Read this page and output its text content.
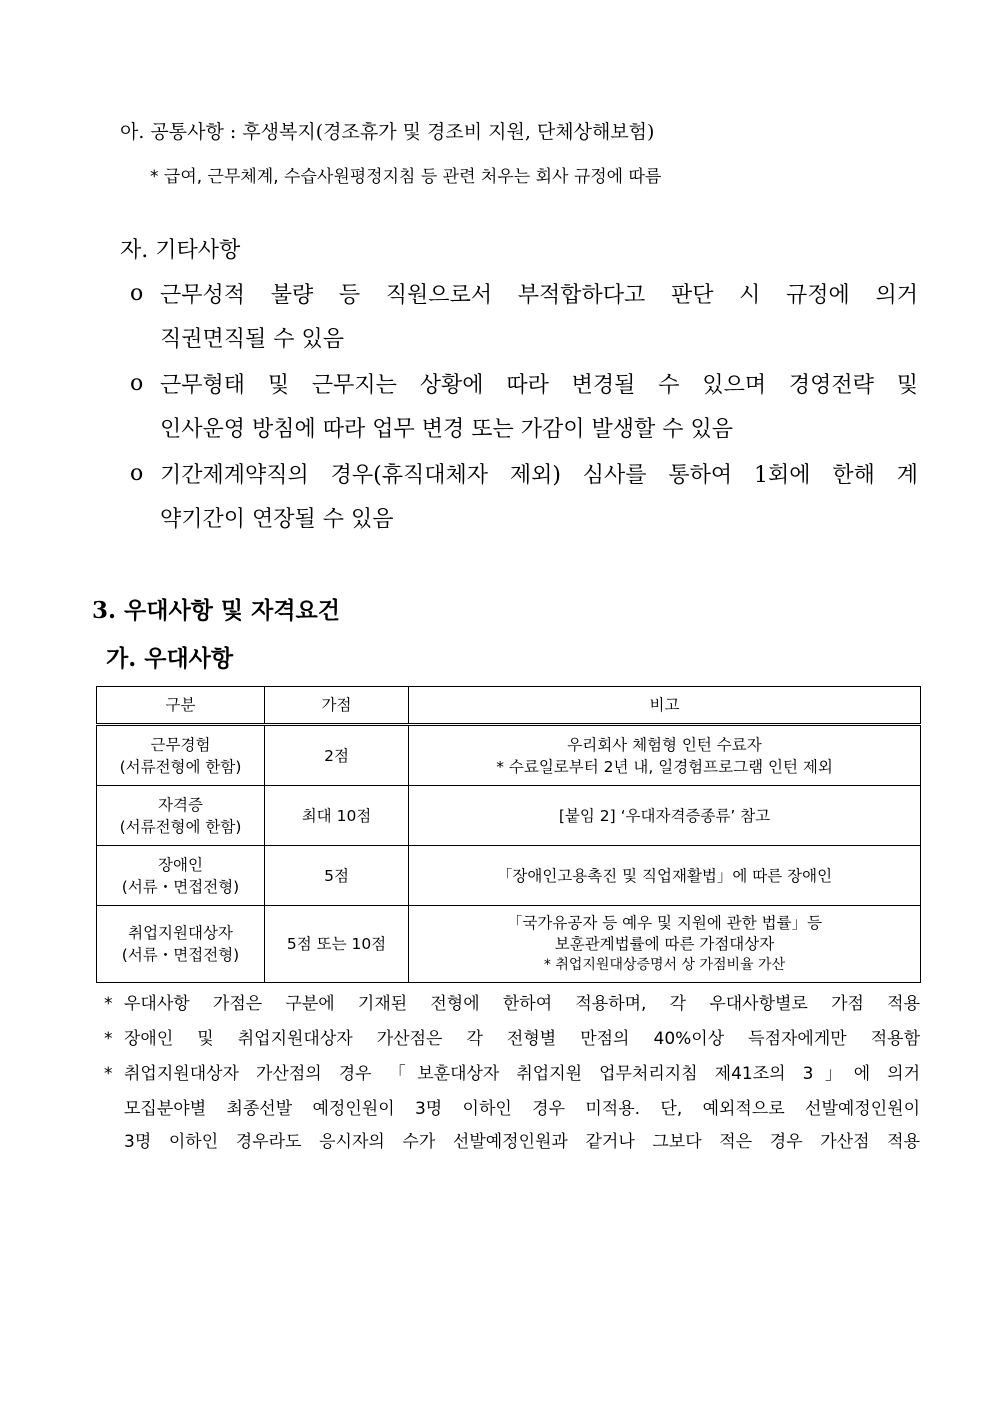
아. 공통사항 : 후생복지(경조휴가 및 경조비 지원, 단체상해보험)
* 급여, 근무체계, 수습사원평정지침 등 관련 처우는 회사 규정에 따름
자. 기타사항
o 근무성적 불량 등 직원으로서 부적합하다고 판단 시 규정에 의거
직권면직될 수 있음
o 근무형태 및 근무지는 상황에 따라 변경될 수 있으며 경영전략 및
인사운영 방침에 따라 업무 변경 또는 가감이 발생할 수 있음
o 기간제계약직의 경우(휴직대체자 제외) 심사를 통하여 1회에 한해 계
약기간이 연장될 수 있음
3. 우대사항 및 자격요건
가. 우대사항
구분	가점	비고

근무경험
(서류전형에 한함)	2점	우리회사 체험형 인턴 수료자
* 수료일로부터 2년 내, 일경험프로그램 인턴 제외

자격증
(서류전형에 한함)	최대 10점	[붙임 2] ‘우대자격증종류’ 참고

장애인
(서류・면접전형)	5점	「장애인고용촉진 및 직업재활법」에 따른 장애인

취업지원대상자
(서류・면접전형)	5점 또는 10점	「국가유공자 등 예우 및 지원에 관한 법률」등
보훈관계법률에 따른 가점대상자
* 취업지원대상증명서 상 가점비율 가산
* 우대사항 가점은 구분에 기재된 전형에 한하여 적용하며, 각 우대사항별로 가점 적용
* 장애인 및 취업지원대상자 가산점은 각 전형별 만점의 40%이상 득점자에게만 적용함
* 취업지원대상자 가산점의 경우 「보훈대상자 취업지원 업무처리지침 제41조의 3」에 의거
모집분야별 최종선발 예정인원이 3명 이하인 경우 미적용. 단, 예외적으로 선발예정인원이
3명 이하인 경우라도 응시자의 수가 선발예정인원과 같거나 그보다 적은 경우 가산점 적용
